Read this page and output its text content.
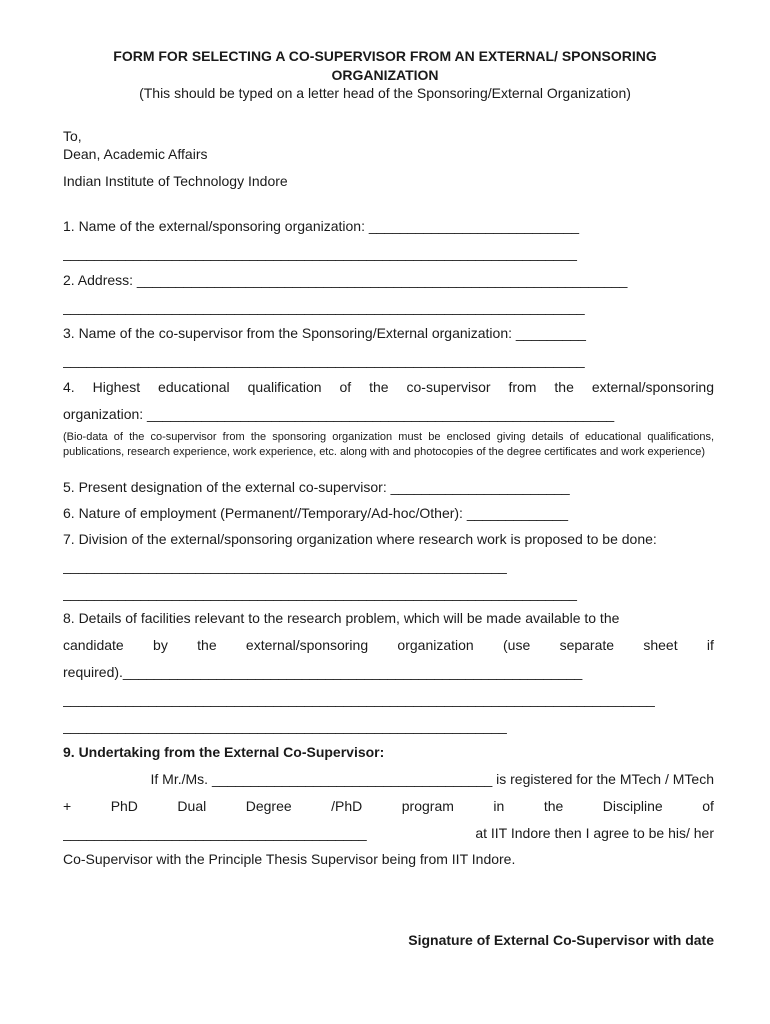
FORM FOR SELECTING A CO-SUPERVISOR FROM AN EXTERNAL/ SPONSORING
ORGANIZATION
(This should be typed on a letter head of the Sponsoring/External Organization)
To,
Dean, Academic Affairs
Indian Institute of Technology Indore
1. Name of the external/sponsoring organization: ___________________________
__________________________________________________________________
2. Address: _______________________________________________________________
___________________________________________________________________
3. Name of the co-supervisor from the Sponsoring/External organization: _________
___________________________________________________________________
4. Highest educational qualification of the co-supervisor from the external/sponsoring
organization: ____________________________________________________________
(Bio-data of the co-supervisor from the sponsoring organization must be enclosed giving details of educational qualifications, publications, research experience, work experience, etc. along with and photocopies of the degree certificates and work experience)
5. Present designation of the external co-supervisor: _______________________
6. Nature of employment (Permanent//Temporary/Ad-hoc/Other): _____________
7. Division of the external/sponsoring organization where research work is proposed to be done:
_________________________________________________________
__________________________________________________________________
8. Details of facilities relevant to the research problem, which will be made available to the
candidate by the external/sponsoring organization (use separate sheet if
required).___________________________________________________________
____________________________________________________________________________
_________________________________________________________
9. Undertaking from the External Co-Supervisor:
If Mr./Ms. ____________________________________ is registered for the MTech / MTech
+	PhD	Dual	Degree	/PhD	program	in	the	Discipline	of
_______________________________________	at IIT Indore then I agree to be his/ her
Co-Supervisor with the Principle Thesis Supervisor being from IIT Indore.
Signature of External Co-Supervisor with date
